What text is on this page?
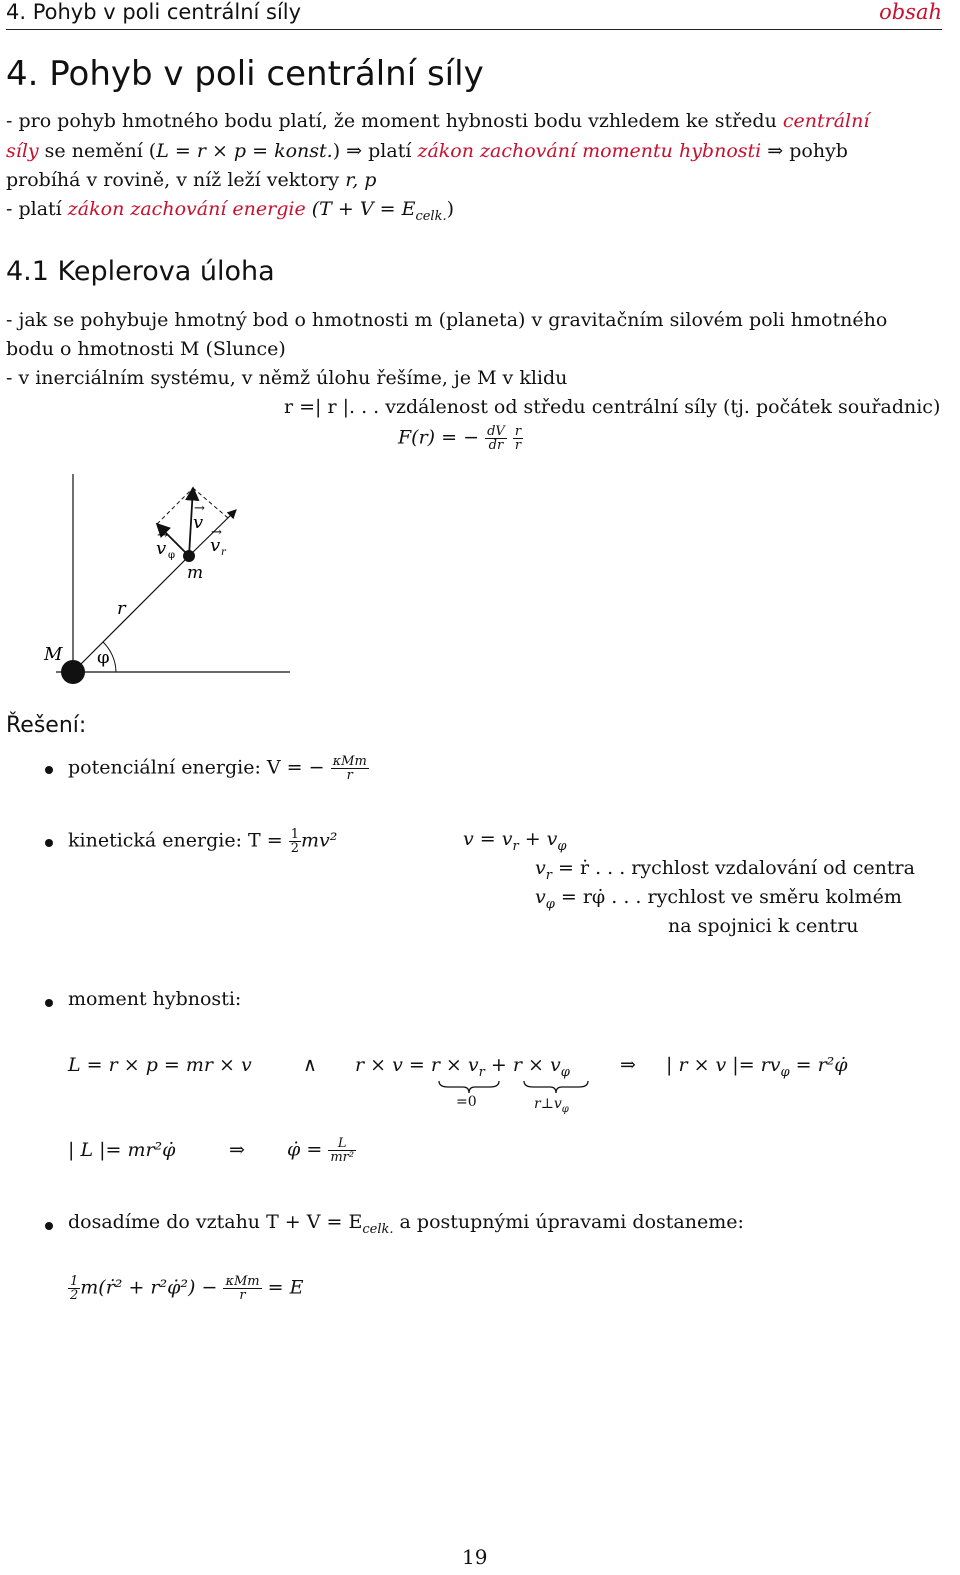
4. Pohyb v poli centrální síly	obsah
4. Pohyb v poli centrální síly
- pro pohyb hmotného bodu platí, že moment hybnosti bodu vzhledem ke středu centrální
síly se nemění (L = r × p = konst.) ⇒ platí zákon zachování momentu hybnosti ⇒ pohyb
probíhá v rovině, v níž leží vektory r, p
- platí zákon zachování energie $(T + V = E_{celk.})$
4.1 Keplerova úloha
- jak se pohybuje hmotný bod o hmotnosti m (planeta) v gravitačním silovém poli hmotného
bodu o hmotnosti M (Slunce)
- v inerciálním systému, v němž úlohu řešíme, je M v klidu
r =| r |. . . vzdálenost od středu centrální síly (tj. počátek souřadnic)
F(r) = − $\frac{dV}{dr}$
$\frac{r}{r}$
M φ
r
m
v
v φ v r
→
→	→
Řešení:
potenciální energie: V = − $\frac{\text{κMm}}{r}$
kinetická energie: $T = \frac{1}{2} mv^2$	$v = v_r + v_\varphi$
$v_r$ = ṙ . . . rychlost vzdalování od centra
$v_\varphi$ = rφ̇ . . . rychlost ve směru kolmém
na spojnici k centru
moment hybnosti:
L = r × p = mr × v	∧ $r \times v = r \times v_r + r \times v_\varphi$
=0	$r\perp v_\varphi$
⇒ | r × v |= $rv_\varphi$ = r²φ̇
| L |= mr²φ̇	⇒ φ̇ = $\frac{L}{\text{mr²}}$
dosadíme do vztahu $T + V = E_{celk.}$ a postupnými úpravami dostaneme:
$\frac{1}{2}$ m(ṙ² + r²φ̇²) − $\frac{\text{κMm}}{r} = E$
19
